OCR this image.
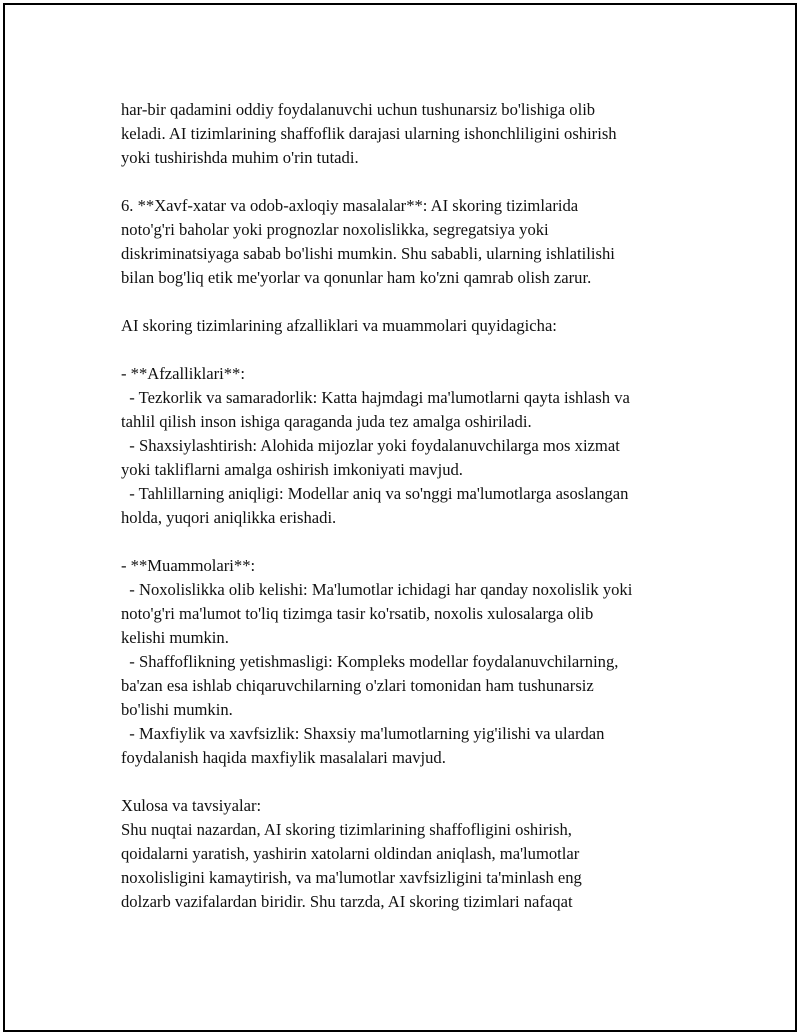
har-bir qadamini oddiy foydalanuvchi uchun tushunarsiz bo'lishiga olib
keladi. AI tizimlarining shaffoflik darajasi ularning ishonchliligini oshirish
yoki tushirishda muhim o'rin tutadi.
6. **Xavf-xatar va odob-axloqiy masalalar**: AI skoring tizimlarida
noto'g'ri baholar yoki prognozlar noxolislikka, segregatsiya yoki
diskriminatsiyaga sabab bo'lishi mumkin. Shu sababli, ularning ishlatilishi
bilan bog'liq etik me'yorlar va qonunlar ham ko'zni qamrab olish zarur.
AI skoring tizimlarining afzalliklari va muammolari quyidagicha:
- **Afzalliklari**:
- Tezkorlik va samaradorlik: Katta hajmdagi ma'lumotlarni qayta ishlash va
tahlil qilish inson ishiga qaraganda juda tez amalga oshiriladi.
- Shaxsiylashtirish: Alohida mijozlar yoki foydalanuvchilarga mos xizmat
yoki takliflarni amalga oshirish imkoniyati mavjud.
- Tahlillarning aniqligi: Modellar aniq va so'nggi ma'lumotlarga asoslangan
holda, yuqori aniqlikka erishadi.
- **Muammolari**:
- Noxolislikka olib kelishi: Ma'lumotlar ichidagi har qanday noxolislik yoki
noto'g'ri ma'lumot to'liq tizimga tasir ko'rsatib, noxolis xulosalarga olib
kelishi mumkin.
- Shaffoflikning yetishmasligi: Kompleks modellar foydalanuvchilarning,
ba'zan esa ishlab chiqaruvchilarning o'zlari tomonidan ham tushunarsiz
bo'lishi mumkin.
- Maxfiylik va xavfsizlik: Shaxsiy ma'lumotlarning yig'ilishi va ulardan
foydalanish haqida maxfiylik masalalari mavjud.
Xulosa va tavsiyalar:
Shu nuqtai nazardan, AI skoring tizimlarining shaffofligini oshirish,
qoidalarni yaratish, yashirin xatolarni oldindan aniqlash, ma'lumotlar
noxolisligini kamaytirish, va ma'lumotlar xavfsizligini ta'minlash eng
dolzarb vazifalardan biridir. Shu tarzda, AI skoring tizimlari nafaqat
